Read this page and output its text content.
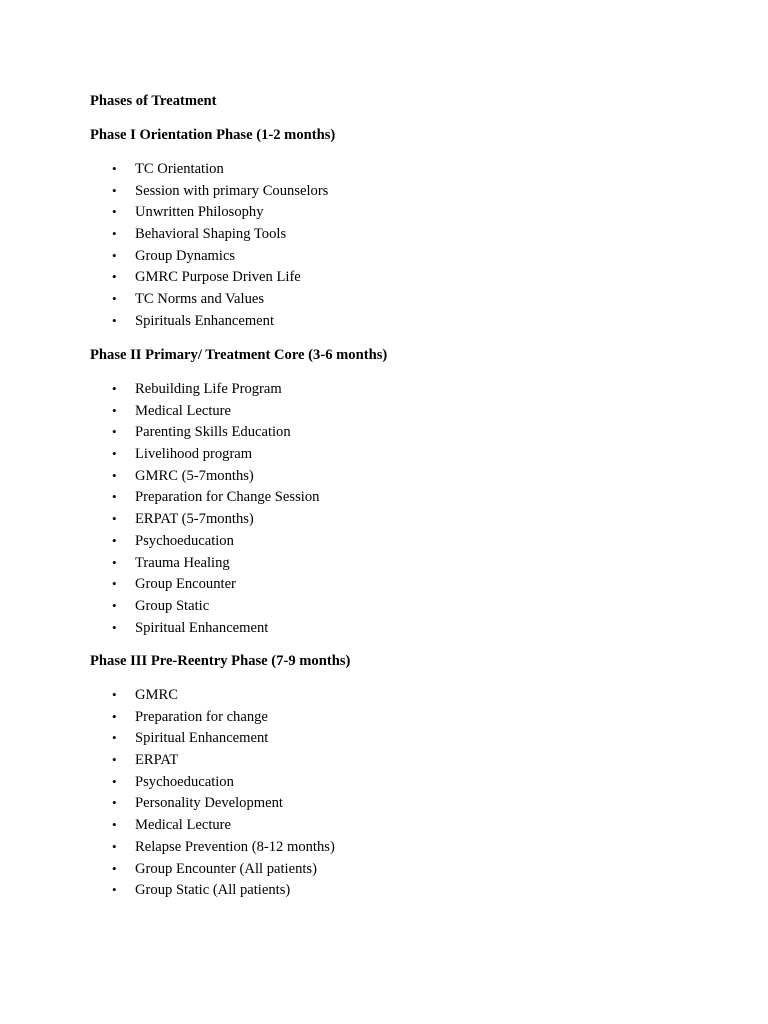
Phases of Treatment
Phase I Orientation Phase (1-2 months)
• TC Orientation
• Session with primary Counselors
• Unwritten Philosophy
• Behavioral Shaping Tools
• Group Dynamics
• GMRC Purpose Driven Life
• TC Norms and Values
• Spirituals Enhancement
Phase II Primary/ Treatment Core (3-6 months)
• Rebuilding Life Program
• Medical Lecture
• Parenting Skills Education
• Livelihood program
• GMRC (5-7months)
• Preparation for Change Session
• ERPAT (5-7months)
• Psychoeducation
• Trauma Healing
• Group Encounter
• Group Static
• Spiritual Enhancement
Phase III Pre-Reentry Phase (7-9 months)
• GMRC
• Preparation for change
• Spiritual Enhancement
• ERPAT
• Psychoeducation
• Personality Development
• Medical Lecture
• Relapse Prevention (8-12 months)
• Group Encounter (All patients)
• Group Static (All patients)
